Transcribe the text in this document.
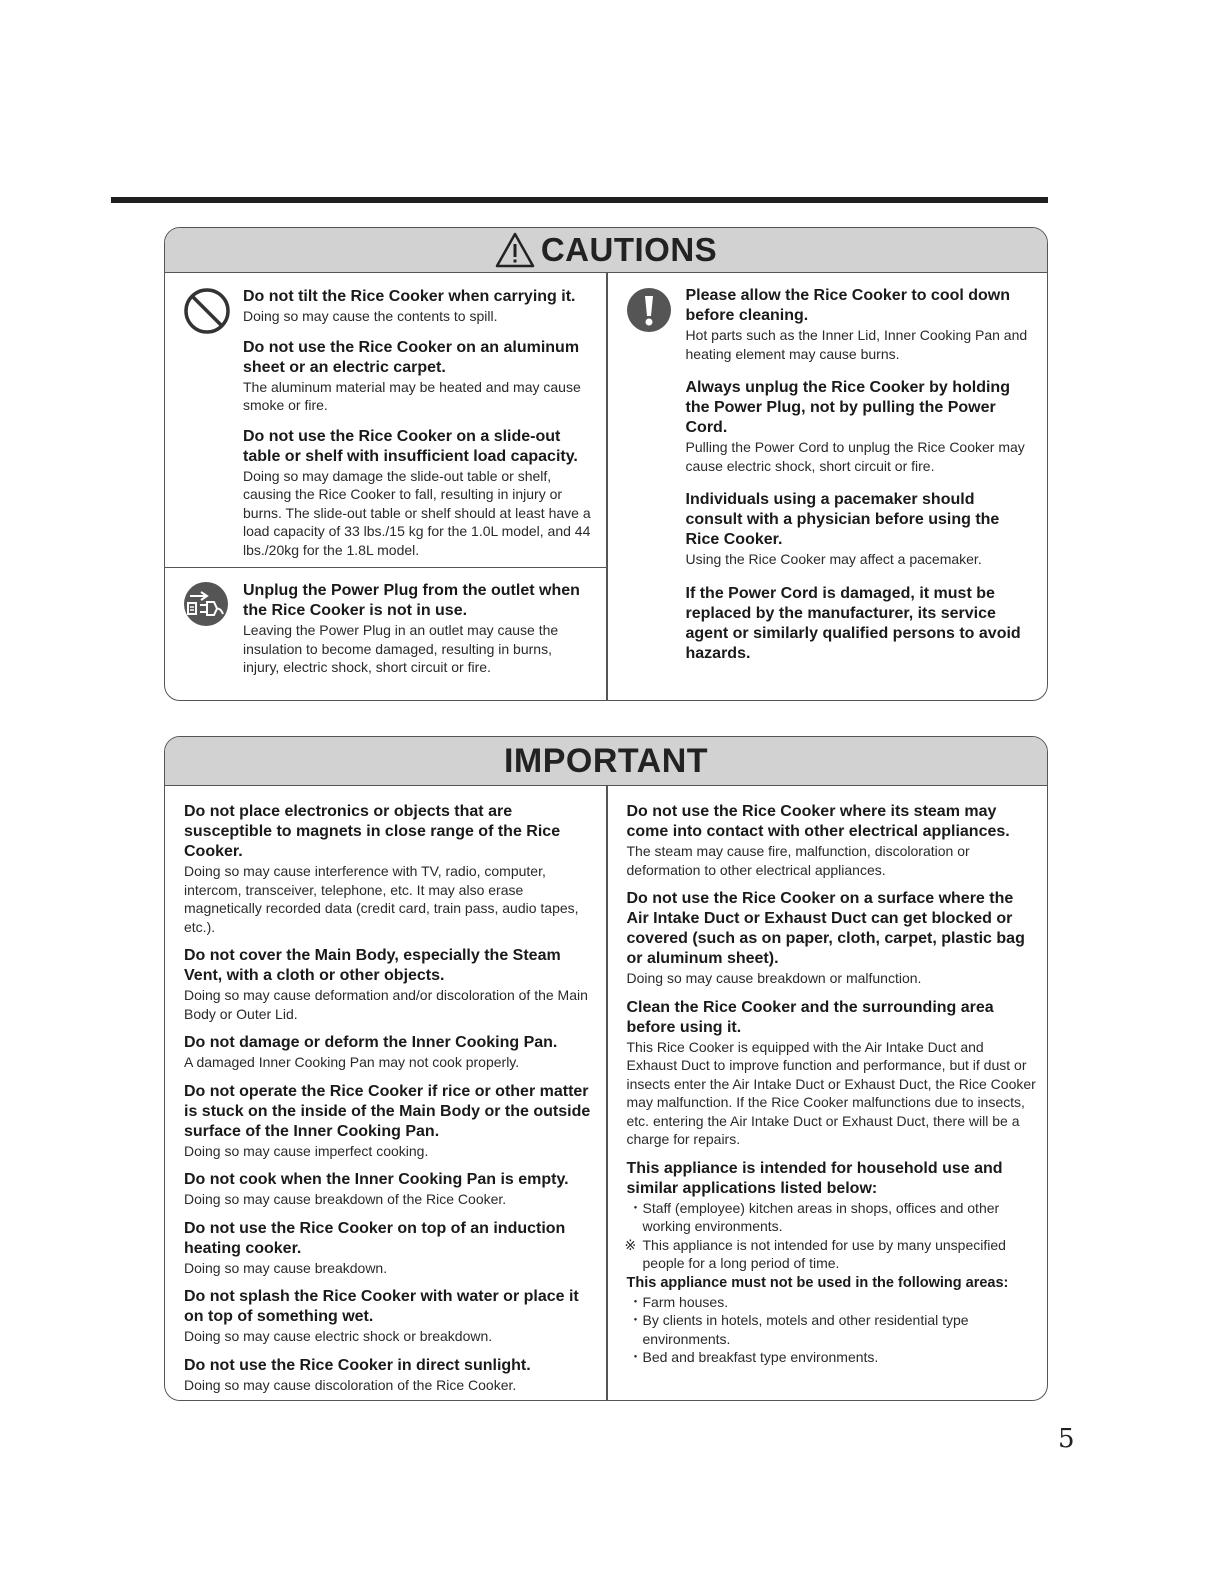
CAUTIONS
Do not tilt the Rice Cooker when carrying it.
Doing so may cause the contents to spill.
Do not use the Rice Cooker on an aluminum sheet or an electric carpet.
The aluminum material may be heated and may cause smoke or fire.
Do not use the Rice Cooker on a slide-out table or shelf with insufficient load capacity.
Doing so may damage the slide-out table or shelf, causing the Rice Cooker to fall, resulting in injury or burns. The slide-out table or shelf should at least have a load capacity of 33 lbs./15 kg for the 1.0L model, and 44 lbs./20kg for the 1.8L model.
Unplug the Power Plug from the outlet when the Rice Cooker is not in use.
Leaving the Power Plug in an outlet may cause the insulation to become damaged, resulting in burns, injury, electric shock, short circuit or fire.
Please allow the Rice Cooker to cool down before cleaning.
Hot parts such as the Inner Lid, Inner Cooking Pan and heating element may cause burns.
Always unplug the Rice Cooker by holding the Power Plug, not by pulling the Power Cord.
Pulling the Power Cord to unplug the Rice Cooker may cause electric shock, short circuit or fire.
Individuals using a pacemaker should consult with a physician before using the Rice Cooker.
Using the Rice Cooker may affect a pacemaker.
If the Power Cord is damaged, it must be replaced by the manufacturer, its service agent or similarly qualified persons to avoid hazards.
IMPORTANT
Do not place electronics or objects that are susceptible to magnets in close range of the Rice Cooker.
Doing so may cause interference with TV, radio, computer, intercom, transceiver, telephone, etc. It may also erase magnetically recorded data (credit card, train pass, audio tapes, etc.).
Do not cover the Main Body, especially the Steam Vent, with a cloth or other objects.
Doing so may cause deformation and/or discoloration of the Main Body or Outer Lid.
Do not damage or deform the Inner Cooking Pan.
A damaged Inner Cooking Pan may not cook properly.
Do not operate the Rice Cooker if rice or other matter is stuck on the inside of the Main Body or the outside surface of the Inner Cooking Pan.
Doing so may cause imperfect cooking.
Do not cook when the Inner Cooking Pan is empty.
Doing so may cause breakdown of the Rice Cooker.
Do not use the Rice Cooker on top of an induction heating cooker.
Doing so may cause breakdown.
Do not splash the Rice Cooker with water or place it on top of something wet.
Doing so may cause electric shock or breakdown.
Do not use the Rice Cooker in direct sunlight.
Doing so may cause discoloration of the Rice Cooker.
Do not use the Rice Cooker where its steam may come into contact with other electrical appliances.
The steam may cause fire, malfunction, discoloration or deformation to other electrical appliances.
Do not use the Rice Cooker on a surface where the Air Intake Duct or Exhaust Duct can get blocked or covered (such as on paper, cloth, carpet, plastic bag or aluminum sheet).
Doing so may cause breakdown or malfunction.
Clean the Rice Cooker and the surrounding area before using it.
This Rice Cooker is equipped with the Air Intake Duct and Exhaust Duct to improve function and performance, but if dust or insects enter the Air Intake Duct or Exhaust Duct, the Rice Cooker may malfunction. If the Rice Cooker malfunctions due to insects, etc. entering the Air Intake Duct or Exhaust Duct, there will be a charge for repairs.
This appliance is intended for household use and similar applications listed below:
・ Staff (employee) kitchen areas in shops, offices and other working environments.
※ This appliance is not intended for use by many unspecified people for a long period of time.
This appliance must not be used in the following areas:
・ Farm houses.
・ By clients in hotels, motels and other residential type environments.
・ Bed and breakfast type environments.
5
